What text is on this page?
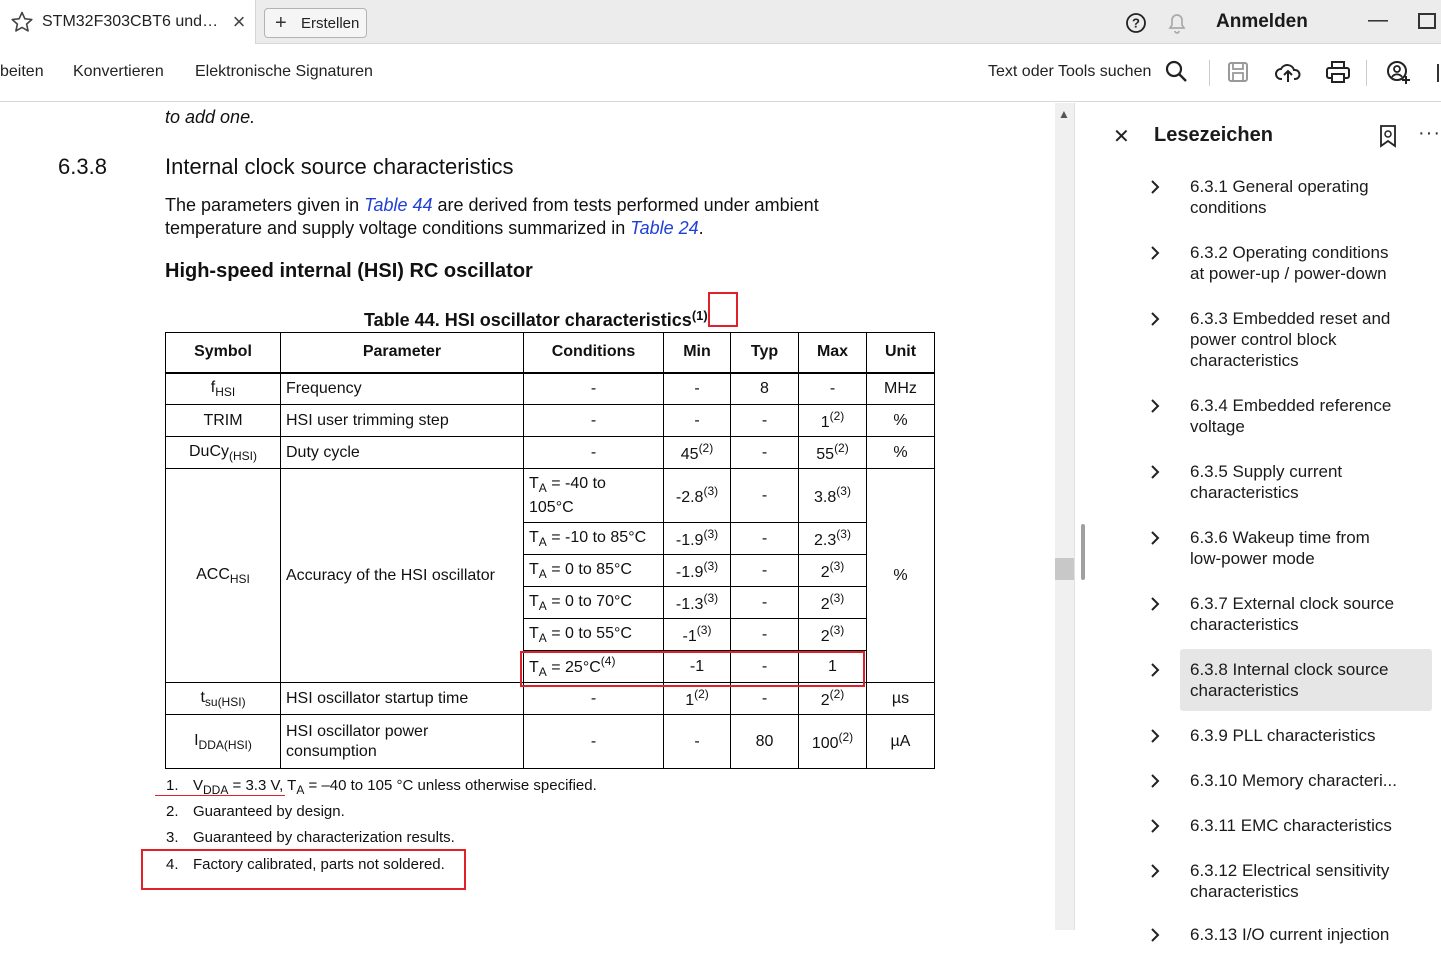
STM32F303CBT6 und… × + Erstellen	?	Anmelden	—
beiten Konvertieren Elektronische Signaturen	Text oder Tools suchen
to add one.
6.3.8	Internal clock source characteristics
The parameters given in Table 44 are derived from tests performed under ambient
temperature and supply voltage conditions summarized in Table 24.
High-speed internal (HSI) RC oscillator
Table 44. HSI oscillator characteristics$^{(1)}$
Symbol	Parameter	Conditions	Min	Typ	Max	Unit
$f_{HSI}$	Frequency	-	-	8	-	MHz
TRIM	HSI user trimming step	-	-	-	1$^{(2)}$	%
DuCy$_{(HSI)}$	Duty cycle	-	45$^{(2)}$	-	55$^{(2)}$	%
$ACC_{HSI}$	Accuracy of the HSI oscillator	$T_A = -40$ to
105°C	-2.8$^{(3)}$	-	3.8$^{(3)}$	%
		$T_A = -10$ to 85°C	-1.9$^{(3)}$	-	2.3$^{(3)}$
		$T_A = 0$ to 85°C	-1.9$^{(3)}$	-	2$^{(3)}$
		$T_A = 0$ to 70°C	-1.3$^{(3)}$	-	2$^{(3)}$
		$T_A = 0$ to 55°C	-1$^{(3)}$	-	2$^{(3)}$
		$T_A = 25^\circ C^{(4)}$	-1	-	1	
$t_{su(HSI)}$	HSI oscillator startup time	-	1$^{(2)}$	-	2$^{(2)}$	µs
$I_{DDA(HSI)}$	HSI oscillator power
consumption	-	-	80	100$^{(2)}$	µA
1. $V_{DDA} = 3.3$ V, $T_A = -40$ to 105 °C unless otherwise specified.
2. Guaranteed by design.
3. Guaranteed by characterization results.
4. Factory calibrated, parts not soldered.
▲
✕ Lesezeichen	···
6.3.1 General operating
conditions
6.3.2 Operating conditions
at power-up / power-down
6.3.3 Embedded reset and
power control block
characteristics
6.3.4 Embedded reference
voltage
6.3.5 Supply current
characteristics
6.3.6 Wakeup time from
low-power mode
6.3.7 External clock source
characteristics
6.3.8 Internal clock source
characteristics
6.3.9 PLL characteristics
6.3.10 Memory characteri...
6.3.11 EMC characteristics
6.3.12 Electrical sensitivity
characteristics
6.3.13 I/O current injection
